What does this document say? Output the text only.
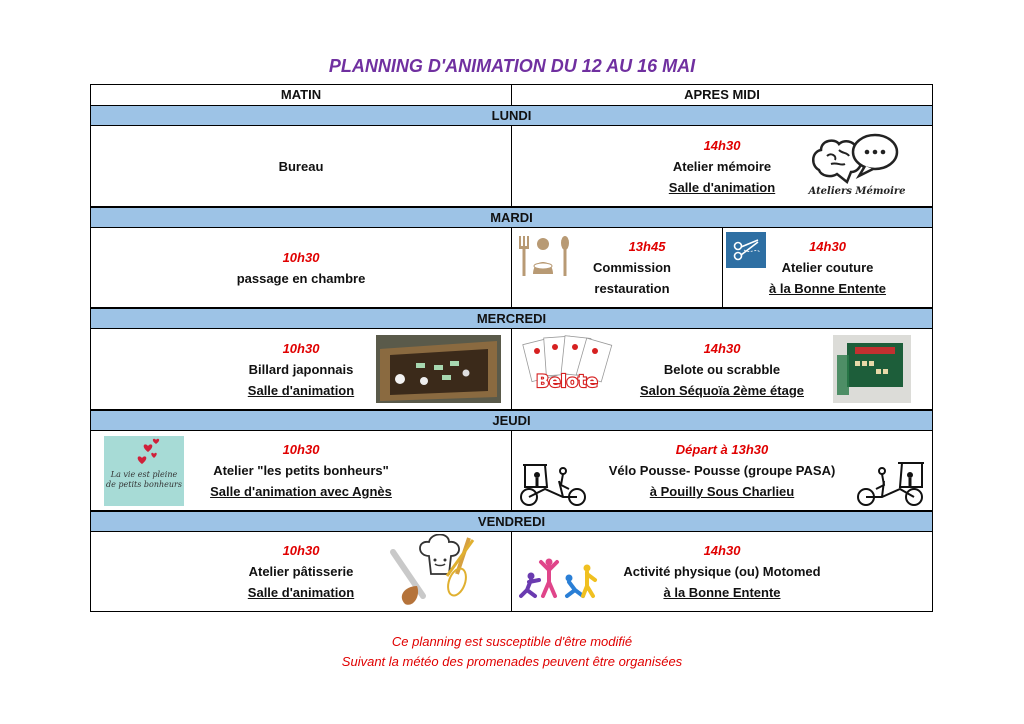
PLANNING D'ANIMATION DU 12 AU 16 MAI
MATIN	APRES MIDI
LUNDI
Bureau
14h30
Atelier mémoire
Salle d'animation	Ateliers Mémoire
MARDI
10h30
passage en chambre
13h45
Commission
restauration
14h30
Atelier couture
à la Bonne Entente
MERCREDI
10h30
Billard japonnais
Salle d'animation
14h30
Belote ou scrabble
Salon Séquoïa 2ème étage
Belote
JEUDI
10h30
Atelier "les petits bonheurs"
Salle d'animation avec Agnès
La vie est pleine de petits bonheurs
Départ à 13h30
Vélo Pousse- Pousse (groupe PASA)
à Pouilly Sous Charlieu
VENDREDI
10h30
Atelier pâtisserie
Salle d'animation
14h30
Activité physique (ou) Motomed
à la Bonne Entente
Ce planning est susceptible d'être modifié
Suivant la météo des promenades peuvent être organisées
